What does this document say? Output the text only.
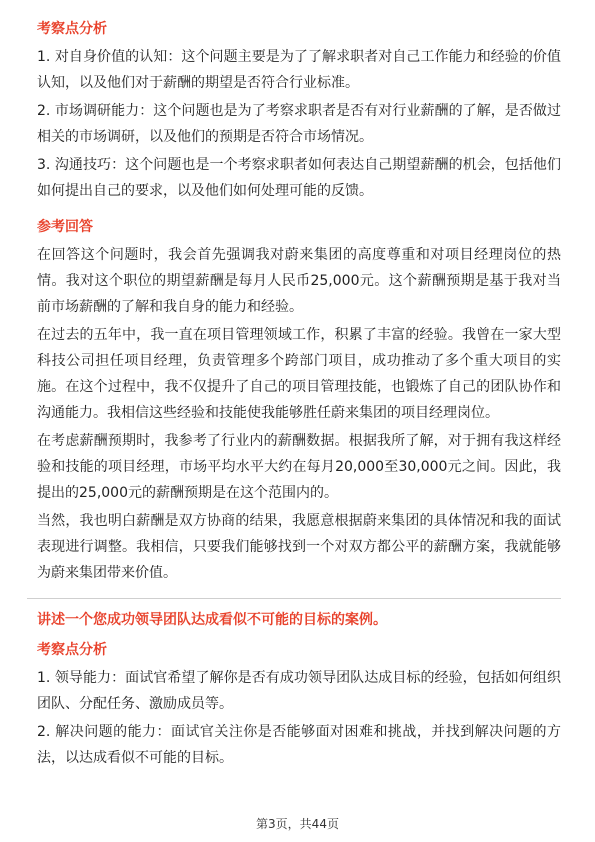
考察点分析

1. 对自身价值的认知：这个问题主要是为了了解求职者对自己工作能力和经验的价值认知，以及他们对于薪酬的期望是否符合行业标准。

2. 市场调研能力：这个问题也是为了考察求职者是否有对行业薪酬的了解，是否做过相关的市场调研，以及他们的预期是否符合市场情况。

3. 沟通技巧：这个问题也是一个考察求职者如何表达自己期望薪酬的机会，包括他们如何提出自己的要求，以及他们如何处理可能的反馈。

参考回答

在回答这个问题时，我会首先强调我对蔚来集团的高度尊重和对项目经理岗位的热情。我对这个职位的期望薪酬是每月人民币25,000元。这个薪酬预期是基于我对当前市场薪酬的了解和我自身的能力和经验。

在过去的五年中，我一直在项目管理领域工作，积累了丰富的经验。我曾在一家大型科技公司担任项目经理，负责管理多个跨部门项目，成功推动了多个重大项目的实施。在这个过程中，我不仅提升了自己的项目管理技能，也锻炼了自己的团队协作和沟通能力。我相信这些经验和技能使我能够胜任蔚来集团的项目经理岗位。

在考虑薪酬预期时，我参考了行业内的薪酬数据。根据我所了解，对于拥有我这样经验和技能的项目经理，市场平均水平大约在每月20,000至30,000元之间。因此，我提出的25,000元的薪酬预期是在这个范围内的。

当然，我也明白薪酬是双方协商的结果，我愿意根据蔚来集团的具体情况和我的面试表现进行调整。我相信，只要我们能够找到一个对双方都公平的薪酬方案，我就能够为蔚来集团带来价值。

讲述一个您成功领导团队达成看似不可能的目标的案例。
考察点分析

1. 领导能力：面试官希望了解你是否有成功领导团队达成目标的经验，包括如何组织团队、分配任务、激励成员等。

2. 解决问题的能力：面试官关注你是否能够面对困难和挑战，并找到解决问题的方法，以达成看似不可能的目标。

第3页，共44页
